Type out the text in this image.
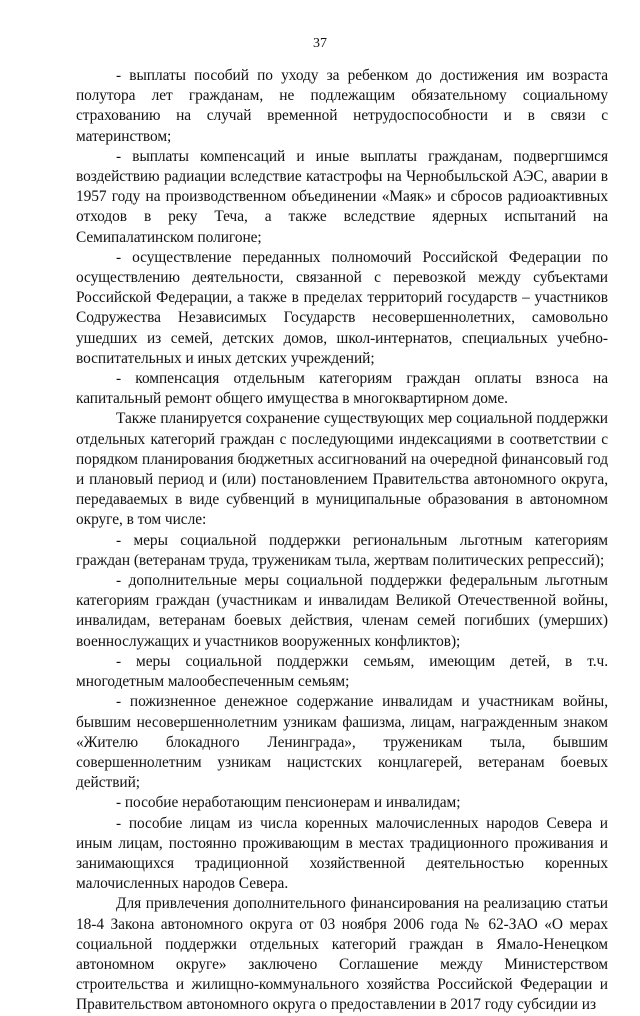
37

- выплаты пособий по уходу за ребенком до достижения им возраста полутора лет гражданам, не подлежащим обязательному социальному страхованию на случай временной нетрудоспособности и в связи с материнством;

- выплаты компенсаций и иные выплаты гражданам, подвергшимся воздействию радиации вследствие катастрофы на Чернобыльской АЭС, аварии в 1957 году на производственном объединении «Маяк» и сбросов радиоактивных отходов в реку Теча, а также вследствие ядерных испытаний на Семипалатинском полигоне;

- осуществление переданных полномочий Российской Федерации по осуществлению деятельности, связанной с перевозкой между субъектами Российской Федерации, а также в пределах территорий государств – участников Содружества Независимых Государств несовершеннолетних, самовольно ушедших из семей, детских домов, школ-интернатов, специальных учебно-воспитательных и иных детских учреждений;

- компенсация отдельным категориям граждан оплаты взноса на капитальный ремонт общего имущества в многоквартирном доме.

Также планируется сохранение существующих мер социальной поддержки отдельных категорий граждан с последующими индексациями в соответствии с порядком планирования бюджетных ассигнований на очередной финансовый год и плановый период и (или) постановлением Правительства автономного округа, передаваемых в виде субвенций в муниципальные образования в автономном округе, в том числе:

- меры социальной поддержки региональным льготным категориям граждан (ветеранам труда, труженикам тыла, жертвам политических репрессий);

- дополнительные меры социальной поддержки федеральным льготным категориям граждан (участникам и инвалидам Великой Отечественной войны, инвалидам, ветеранам боевых действия, членам семей погибших (умерших) военнослужащих и участников вооруженных конфликтов);

- меры социальной поддержки семьям, имеющим детей, в т.ч. многодетным малообеспеченным семьям;

- пожизненное денежное содержание инвалидам и участникам войны, бывшим несовершеннолетним узникам фашизма, лицам, награжденным знаком «Жителю блокадного Ленинграда», труженикам тыла, бывшим совершеннолетним узникам нацистских концлагерей, ветеранам боевых действий;

- пособие неработающим пенсионерам и инвалидам;

- пособие лицам из числа коренных малочисленных народов Севера и иным лицам, постоянно проживающим в местах традиционного проживания и занимающихся традиционной хозяйственной деятельностью коренных малочисленных народов Севера.

Для привлечения дополнительного финансирования на реализацию статьи 18-4 Закона автономного округа от 03 ноября 2006 года № 62-ЗАО «О мерах социальной поддержки отдельных категорий граждан в Ямало-Ненецком автономном округе» заключено Соглашение между Министерством строительства и жилищно-коммунального хозяйства Российской Федерации и Правительством автономного округа о предоставлении в 2017 году субсидии из
